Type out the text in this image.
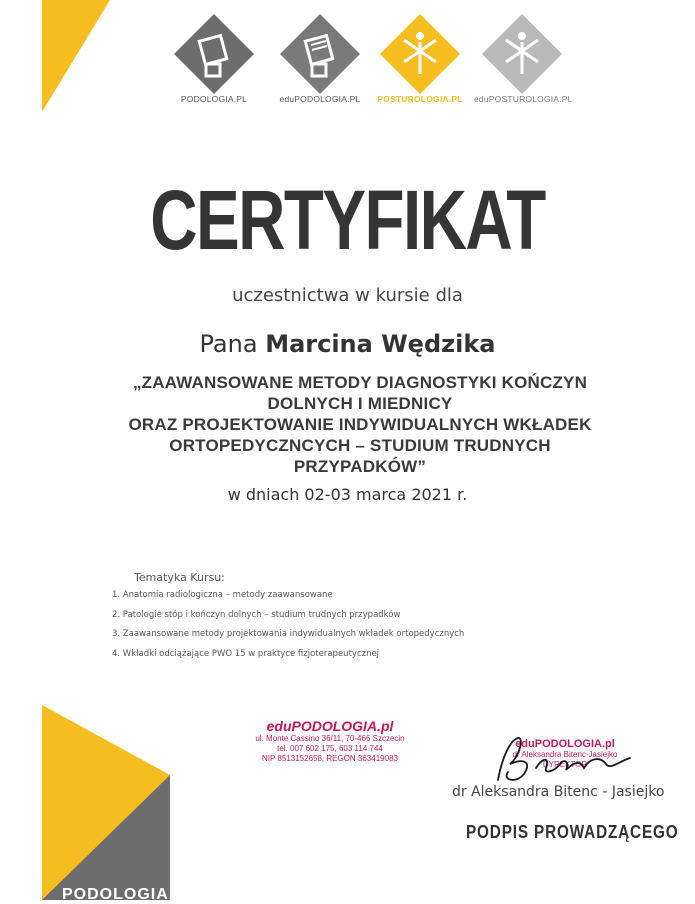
PODOLOGIA.PL	eduPODOLOGIA.PL	POSTUROLOGIA.PL	eduPOSTUROLOGIA.PL
CERTYFIKAT
uczestnictwa w kursie dla
Pana Marcina Wędzika
„ZAAWANSOWANE METODY DIAGNOSTYKI KOŃCZYN
DOLNYCH I MIEDNICY
ORAZ PROJEKTOWANIE INDYWIDUALNYCH WKŁADEK
ORTOPEDYCZNCYCH – STUDIUM TRUDNYCH
PRZYPADKÓW”
w dniach 02-03 marca 2021 r.
Tematyka Kursu:
1. Anatomia radiologiczna – metody zaawansowane
2. Patologie stóp i kończyn dolnych – studium trudnych przypadków
3. Zaawansowane metody projektowania indywidualnych wkładek ortopedycznych
4. Wkładki odciążające PWO 15 w praktyce fizjoterapeutycznej
eduPODOLOGIA.pl
ul. Monte Cassino 36/11, 70-466 Szczecin
tel. 007 602 175, 603 114 744
NIP 8513152658, REGON 363419083
eduPODOLOGIA.pl
dr Aleksandra Bitenc-Jasiejko
DYREKTOR
dr Aleksandra Bitenc - Jasiejko
PODPIS PROWADZĄCEGO
PODOLOGIA.PL
